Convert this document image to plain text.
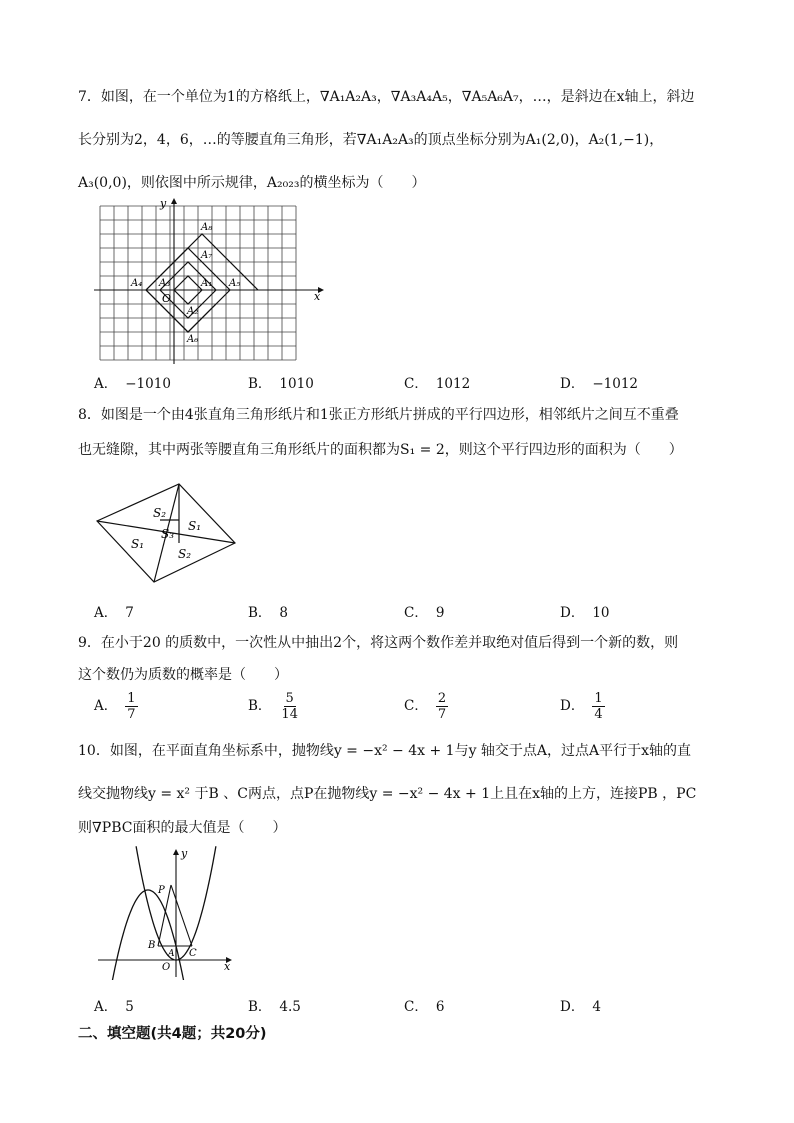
7．如图，在一个单位为1的方格纸上，∇A₁A₂A₃，∇A₃A₄A₅，∇A₅A₆A₇，…，是斜边在x轴上，斜边
长分别为2，4，6，…的等腰直角三角形，若∇A₁A₂A₃的顶点坐标分别为A₁(2,0)，A₂(1,−1)，
A₃(0,0)，则依图中所示规律，A₂₀₂₃的横坐标为（　　）
y
x
O
A₈
A₇
A₄ A₃	A₁ A₅
A₂
A₆
A． −1010	B． 1010	C． 1012	D． −1012
8．如图是一个由4张直角三角形纸片和1张正方形纸片拼成的平行四边形，相邻纸片之间互不重叠
也无缝隙，其中两张等腰直角三角形纸片的面积都为S₁ = 2，则这个平行四边形的面积为（　　）
S₂
S₁
S₃
S₁
S₂
A． 7	B． 8	C． 9	D． 10
9．在小于20 的质数中，一次性从中抽出2个，将这两个数作差并取绝对值后得到一个新的数，则
这个数仍为质数的概率是（　　）
A． $\frac{1}{7}$	B． $\frac{5}{14}$	C． $\frac{2}{7}$	D． $\frac{1}{4}$
10．如图，在平面直角坐标系中，抛物线y = −x² − 4x + 1与y 轴交于点A，过点A平行于x轴的直
线交抛物线y = x² 于B 、C两点，点P在抛物线y = −x² − 4x + 1上且在x轴的上方，连接PB ，PC
则∇PBC面积的最大值是（　　）
y
x
P
B
A C
O
A． 5	B． 4.5	C． 6	D． 4
二、填空题(共4题；共20分)
